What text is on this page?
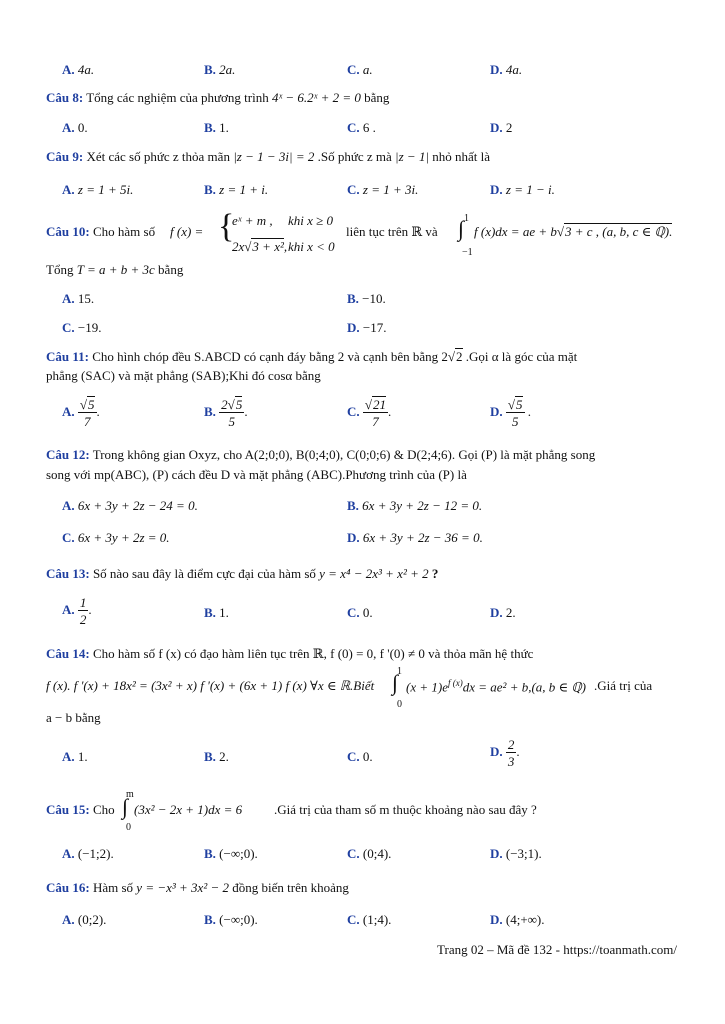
A. 4a.	B. 2a.	C. a.	D. 4a.
Câu 8: Tổng các nghiệm của phương trình 4ˣ − 6.2ˣ + 2 = 0 bằng
A. 0.	B. 1.	C. 6 .	D. 2
Câu 9: Xét các số phức z thỏa mãn |z − 1 − 3i| = 2 .Số phức z mà |z − 1| nhỏ nhất là
A. z = 1 + 5i.	B. z = 1 + i.	C. z = 1 + 3i.	D. z = 1 − i.
Câu 10: Cho hàm số f (x) = {
eˣ + m , khi x ≥ 0
2x√3 + x², khi x < 0
liên tục trên ℝ và
1
∫
−1
f (x)dx = ae + b√3 + c , (a, b, c ∈ ℚ).
Tổng T = a + b + 3c bằng
A. 15.	B. −10.
C. −19.	D. −17.
Câu 11: Cho hình chóp đều S.ABCD có cạnh đáy bằng 2 và cạnh bên bằng 2√2 .Gọi α là góc của mặt
phẳng (SAC) và mặt phẳng (SAB);Khi đó cosα bằng
A. $\frac{√5}{7}$ .	B. $\frac{2√5}{5}$ .	C. $\frac{√21}{7}$ .	D. $\frac{√5}{5}$ .
Câu 12: Trong không gian Oxyz, cho A(2;0;0), B(0;4;0), C(0;0;6) & D(2;4;6). Gọi (P) là mặt phẳng song
song với mp(ABC), (P) cách đều D và mặt phẳng (ABC).Phương trình của (P) là
A. 6x + 3y + 2z − 24 = 0.	B. 6x + 3y + 2z − 12 = 0.
C. 6x + 3y + 2z = 0.	D. 6x + 3y + 2z − 36 = 0.
Câu 13: Số nào sau đây là điểm cực đại của hàm số y = x⁴ − 2x³ + x² + 2 ?
A. $\frac{1}{2}$ .	B. 1.	C. 0.	D. 2.
Câu 14: Cho hàm số f (x) có đạo hàm liên tục trên ℝ, f (0) = 0, f '(0) ≠ 0 và thỏa mãn hệ thức
f (x). f '(x) + 18x² = (3x² + x) f '(x) + (6x + 1) f (x) ∀x ∈ ℝ.Biết
1
∫
0
$(x + 1)e^{f (x)}dx = ae^2 + b,(a$, b ∈ ℚ) .Giá trị của
a − b bằng
A. 1.	B. 2.	C. 0.	D. $\frac{2}{3}$ .
Câu 15: Cho
m
∫
0
(3x² − 2x + 1)dx = 6 .Giá trị của tham số m thuộc khoảng nào sau đây ?
A. (−1;2).	B. (−∞;0).	C. (0;4).	D. (−3;1).
Câu 16: Hàm số y = −x³ + 3x² − 2 đồng biến trên khoảng
A. (0;2).	B. (−∞;0).	C. (1;4).	D. (4;+∞).
Trang 02 – Mã đề 132 - https://toanmath.com/
